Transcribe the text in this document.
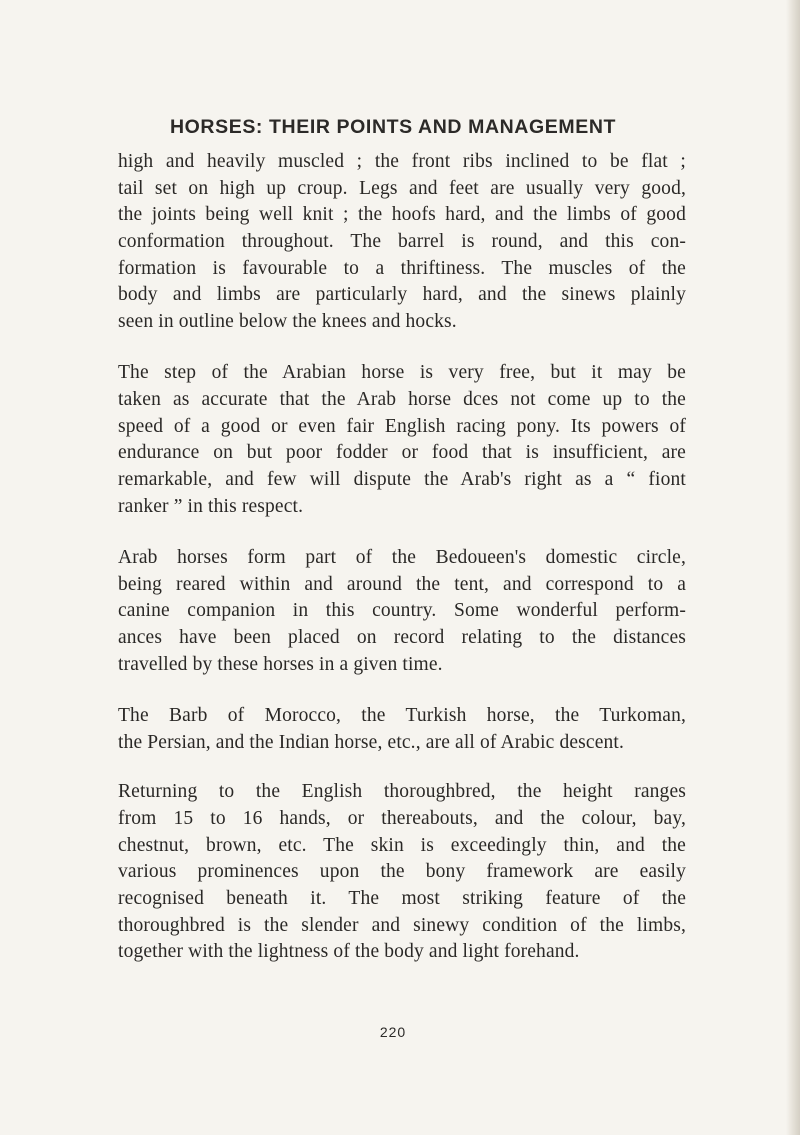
HORSES: THEIR POINTS AND MANAGEMENT
high and heavily muscled ; the front ribs inclined to be flat ;
tail set on high up croup. Legs and feet are usually very good,
the joints being well knit ; the hoofs hard, and the limbs of good
conformation throughout. The barrel is round, and this con-
formation is favourable to a thriftiness. The muscles of the
body and limbs are particularly hard, and the sinews plainly
seen in outline below the knees and hocks.
The step of the Arabian horse is very free, but it may be
taken as accurate that the Arab horse dces not come up to the
speed of a good or even fair English racing pony. Its powers of
endurance on but poor fodder or food that is insufficient, are
remarkable, and few will dispute the Arab's right as a “ fiont
ranker ” in this respect.
Arab horses form part of the Bedoueen's domestic circle,
being reared within and around the tent, and correspond to a
canine companion in this country. Some wonderful perform-
ances have been placed on record relating to the distances
travelled by these horses in a given time.
The Barb of Morocco, the Turkish horse, the Turkoman,
the Persian, and the Indian horse, etc., are all of Arabic descent.
Returning to the English thoroughbred, the height ranges
from 15 to 16 hands, or thereabouts, and the colour, bay,
chestnut, brown, etc. The skin is exceedingly thin, and the
various prominences upon the bony framework are easily
recognised beneath it. The most striking feature of the
thoroughbred is the slender and sinewy condition of the limbs,
together with the lightness of the body and light forehand.
220
